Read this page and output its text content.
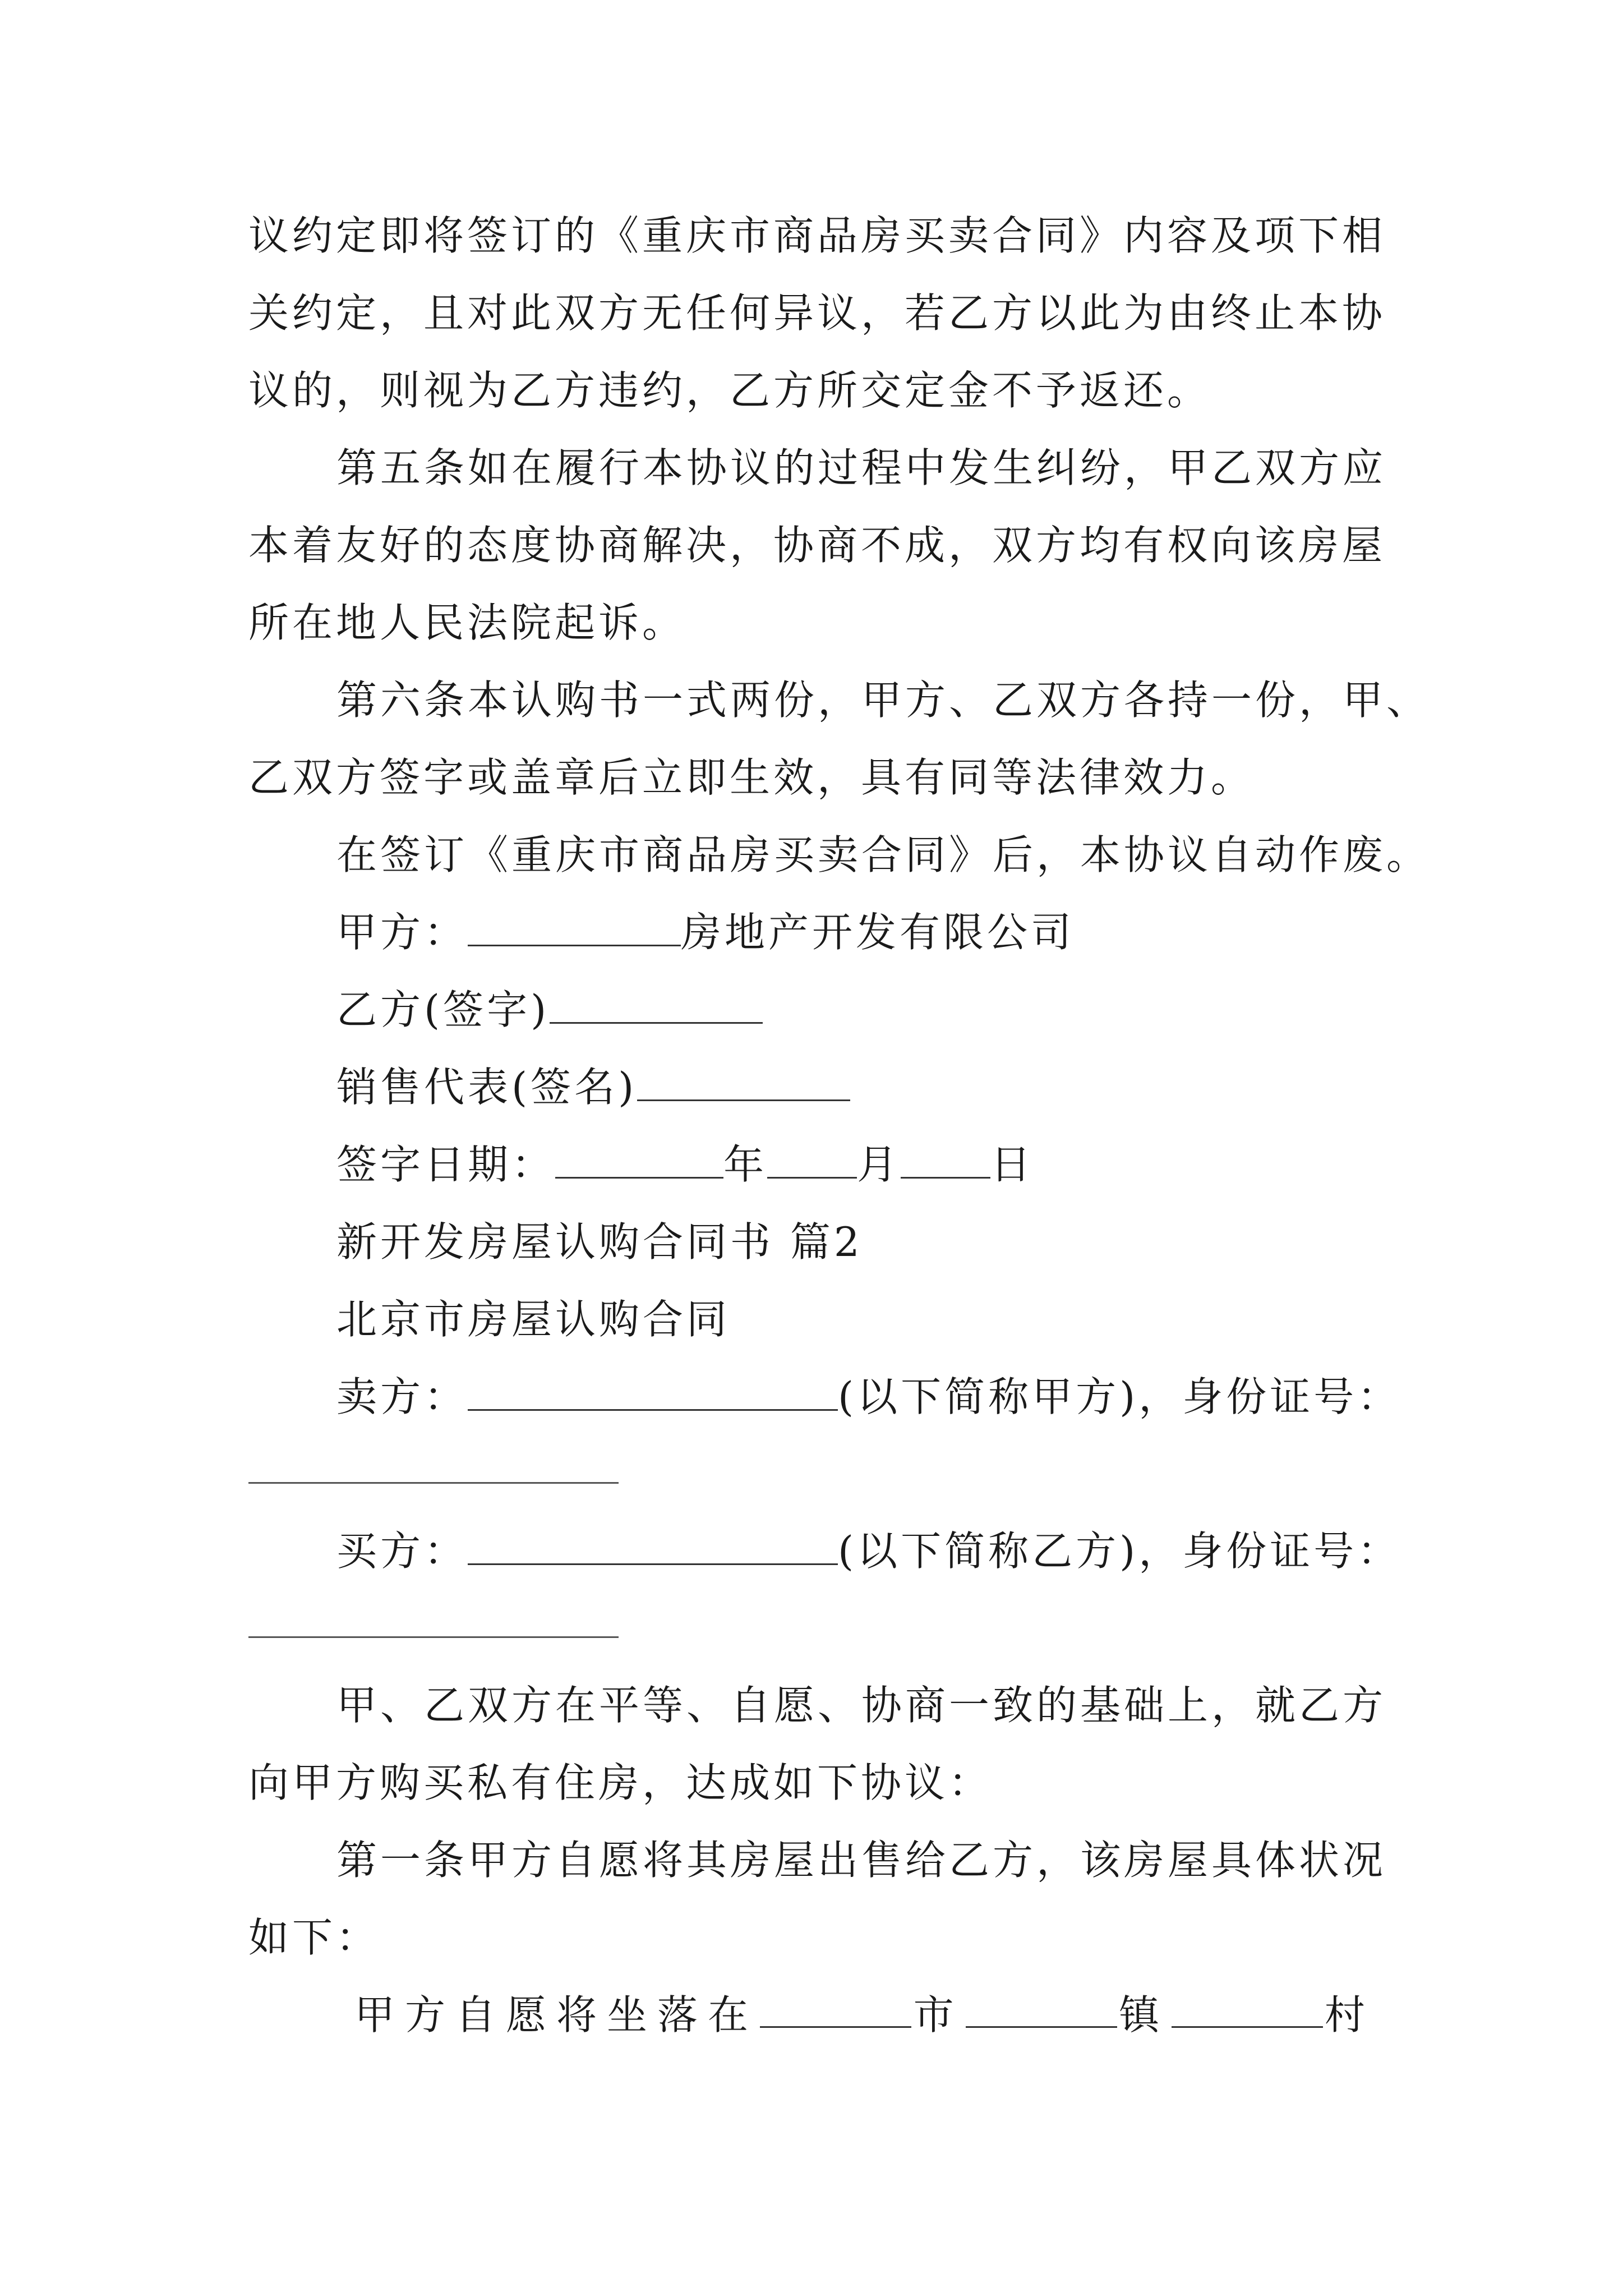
议约定即将签订的《重庆市商品房买卖合同》内容及项下相
关约定，且对此双方无任何异议，若乙方以此为由终止本协
议的，则视为乙方违约，乙方所交定金不予返还。
第五条如在履行本协议的过程中发生纠纷，甲乙双方应
本着友好的态度协商解决，协商不成，双方均有权向该房屋
所在地人民法院起诉。
第六条本认购书一式两份，甲方、乙双方各持一份，甲、
乙双方签字或盖章后立即生效，具有同等法律效力。
在签订《重庆市商品房买卖合同》后，本协议自动作废。
甲方：	房地产开发有限公司
乙方(签字)
销售代表(签名)
签字日期：	年 月 日
新开发房屋认购合同书 篇2
北京市房屋认购合同
卖方：	(以下简称甲方)，身份证号：
买方：	(以下简称乙方)，身份证号：
甲、乙双方在平等、自愿、协商一致的基础上，就乙方
向甲方购买私有住房，达成如下协议：
第一条甲方自愿将其房屋出售给乙方，该房屋具体状况
如下：
甲方自愿将坐落在	市	镇	村
